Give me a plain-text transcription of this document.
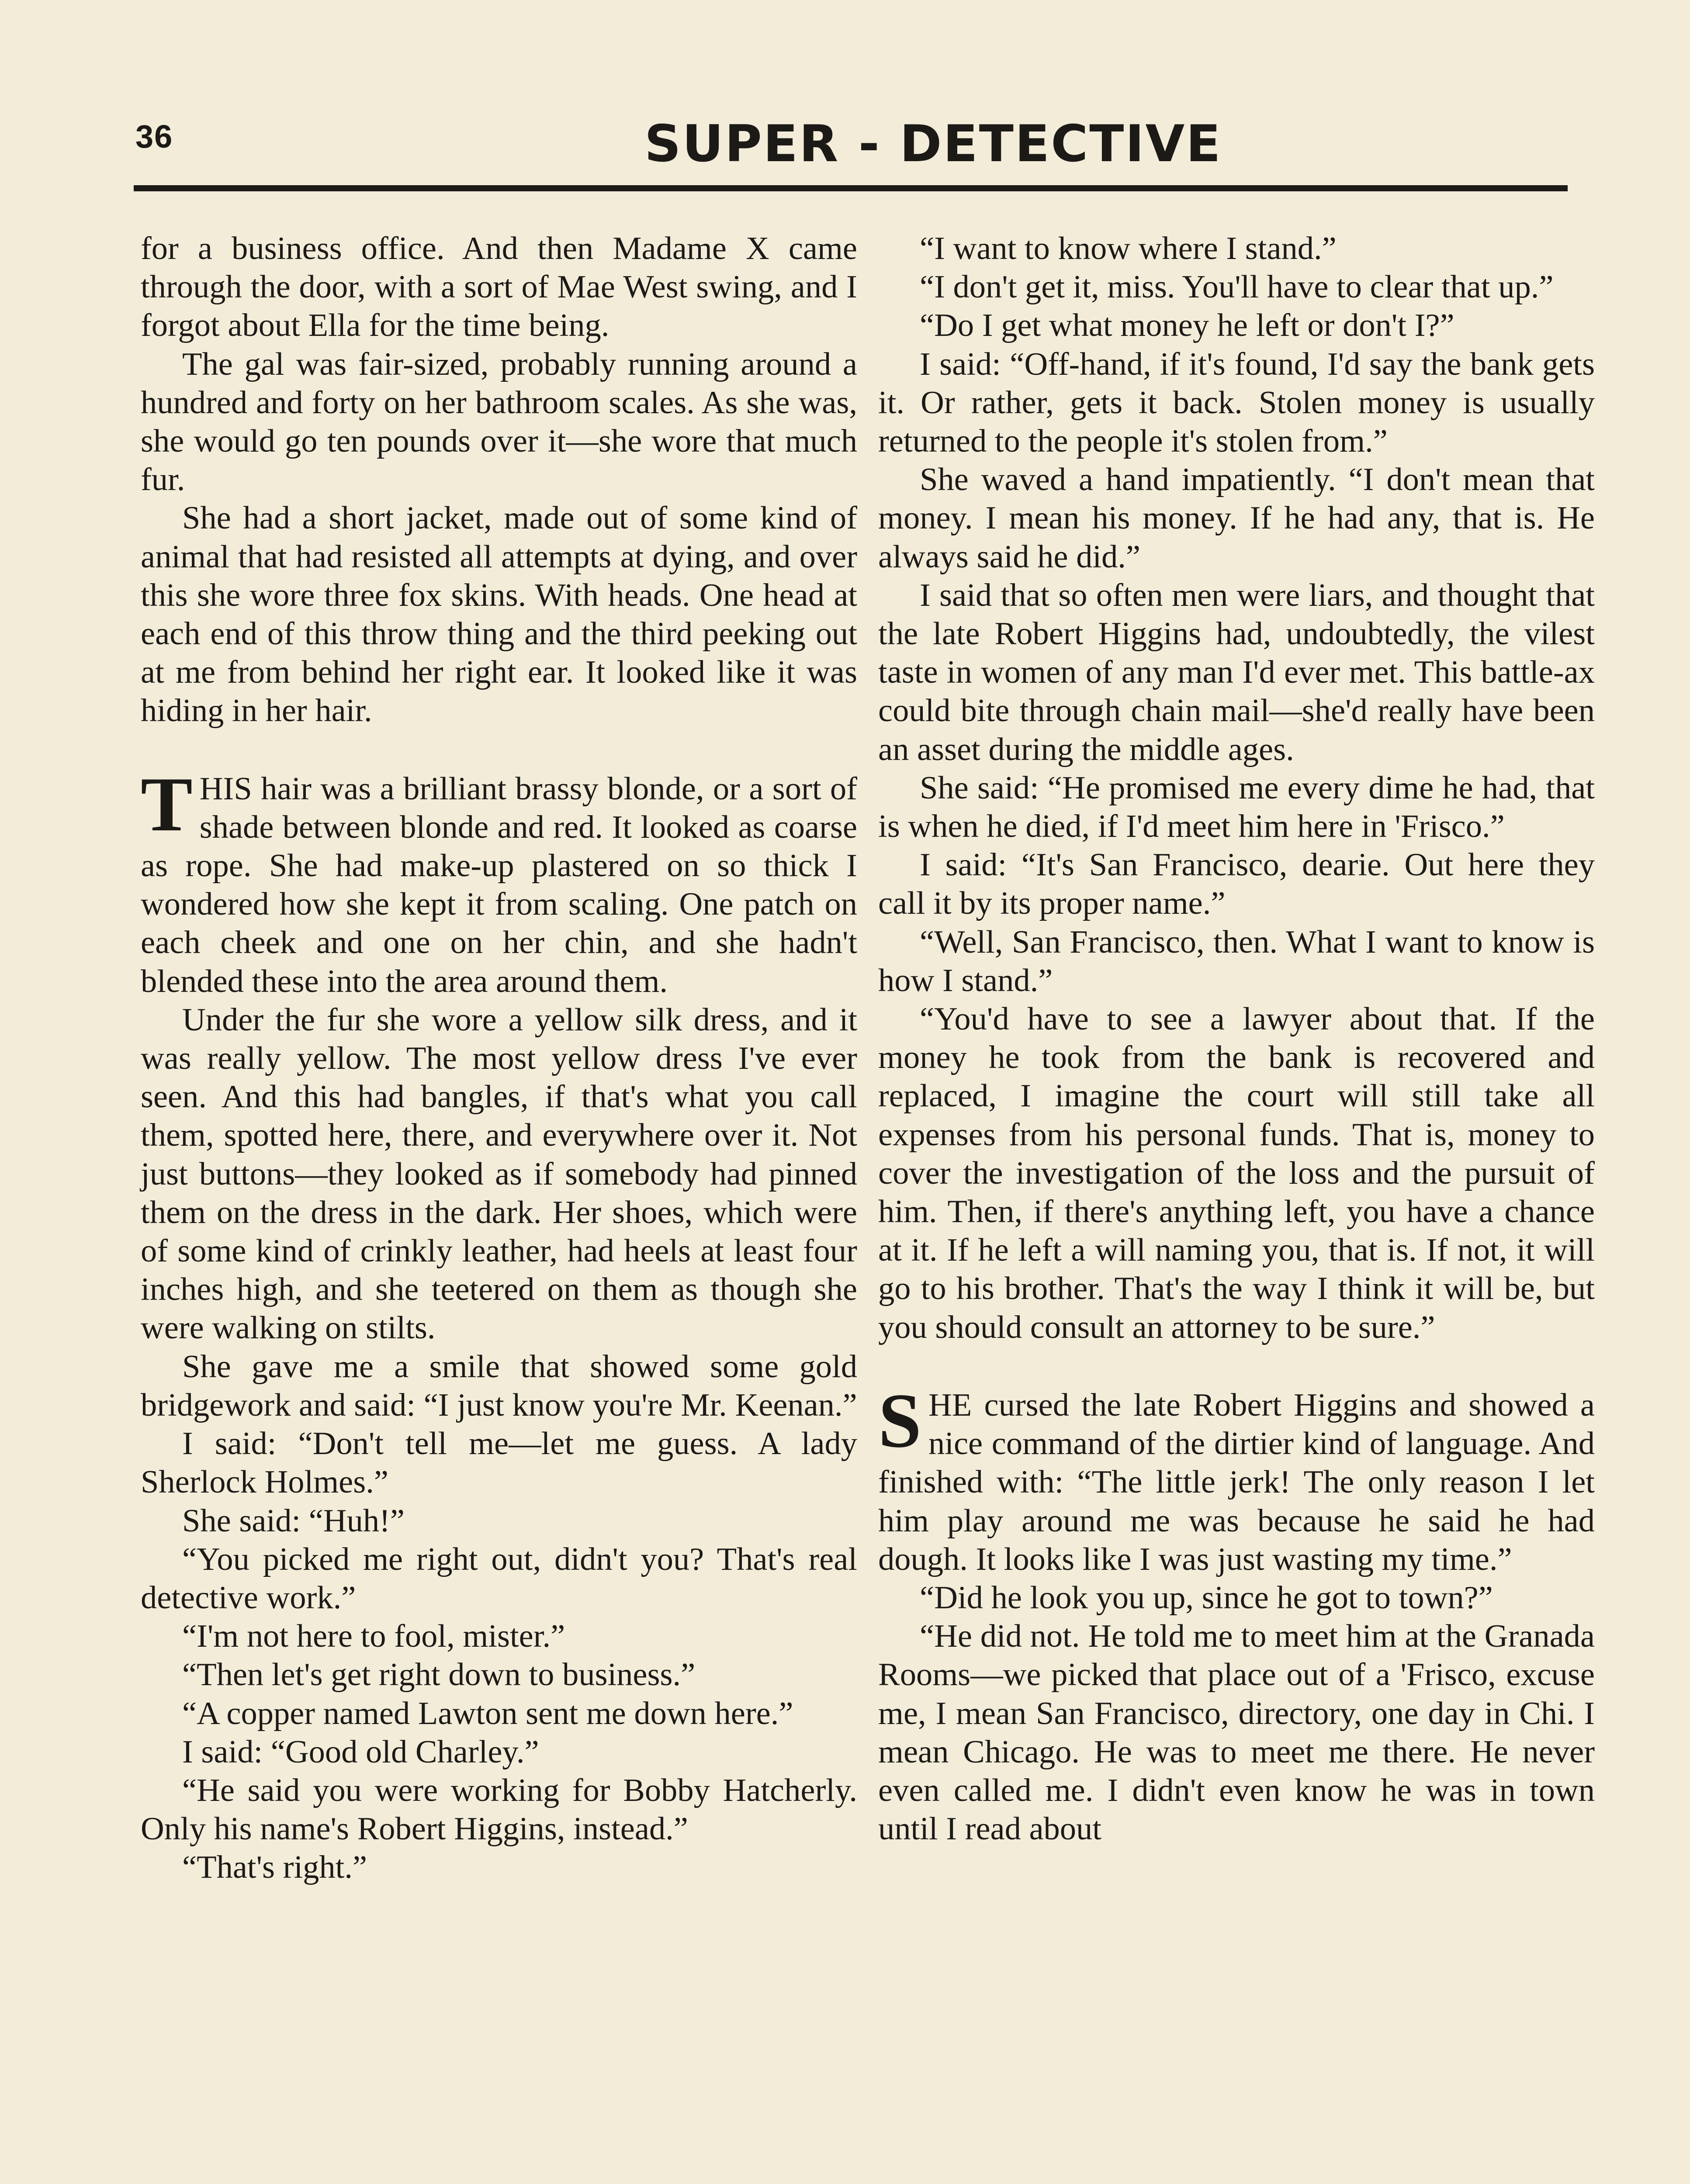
36	SUPER - DETECTIVE

for a business office. And then Madame X came through the door, with a sort of Mae West swing, and I forgot about Ella for the time being.

The gal was fair-sized, probably running around a hundred and forty on her bathroom scales. As she was, she would go ten pounds over it—she wore that much fur.

She had a short jacket, made out of some kind of animal that had resisted all attempts at dying, and over this she wore three fox skins. With heads. One head at each end of this throw thing and the third peeking out at me from behind her right ear. It looked like it was hiding in her hair.

THIS hair was a brilliant brassy blonde, or a sort of shade between blonde and red. It looked as coarse as rope. She had make-up plastered on so thick I wondered how she kept it from scaling. One patch on each cheek and one on her chin, and she hadn't blended these into the area around them.

Under the fur she wore a yellow silk dress, and it was really yellow. The most yellow dress I've ever seen. And this had bangles, if that's what you call them, spotted here, there, and everywhere over it. Not just buttons—they looked as if somebody had pinned them on the dress in the dark. Her shoes, which were of some kind of crinkly leather, had heels at least four inches high, and she teetered on them as though she were walking on stilts.

She gave me a smile that showed some gold bridgework and said: “I just know you're Mr. Keenan.”

I said: “Don't tell me—let me guess. A lady Sherlock Holmes.”

She said: “Huh!”

“You picked me right out, didn't you? That's real detective work.”

“I'm not here to fool, mister.”

“Then let's get right down to business.”

“A copper named Lawton sent me down here.”

I said: “Good old Charley.”

“He said you were working for Bobby Hatcherly. Only his name's Robert Higgins, instead.”

“That's right.”

“I want to know where I stand.”

“I don't get it, miss. You'll have to clear that up.”

“Do I get what money he left or don't I?”

I said: “Off-hand, if it's found, I'd say the bank gets it. Or rather, gets it back. Stolen money is usually returned to the people it's stolen from.”

She waved a hand impatiently. “I don't mean that money. I mean his money. If he had any, that is. He always said he did.”

I said that so often men were liars, and thought that the late Robert Higgins had, undoubtedly, the vilest taste in women of any man I'd ever met. This battle-ax could bite through chain mail—she'd really have been an asset during the middle ages.

She said: “He promised me every dime he had, that is when he died, if I'd meet him here in 'Frisco.”

I said: “It's San Francisco, dearie. Out here they call it by its proper name.”

“Well, San Francisco, then. What I want to know is how I stand.”

“You'd have to see a lawyer about that. If the money he took from the bank is recovered and replaced, I imagine the court will still take all expenses from his personal funds. That is, money to cover the investigation of the loss and the pursuit of him. Then, if there's anything left, you have a chance at it. If he left a will naming you, that is. If not, it will go to his brother. That's the way I think it will be, but you should consult an attorney to be sure.”

SHE cursed the late Robert Higgins and showed a nice command of the dirtier kind of language. And finished with: “The little jerk! The only reason I let him play around me was because he said he had dough. It looks like I was just wasting my time.”

“Did he look you up, since he got to town?”

“He did not. He told me to meet him at the Granada Rooms—we picked that place out of a 'Frisco, excuse me, I mean San Francisco, directory, one day in Chi. I mean Chicago. He was to meet me there. He never even called me. I didn't even know he was in town until I read about
